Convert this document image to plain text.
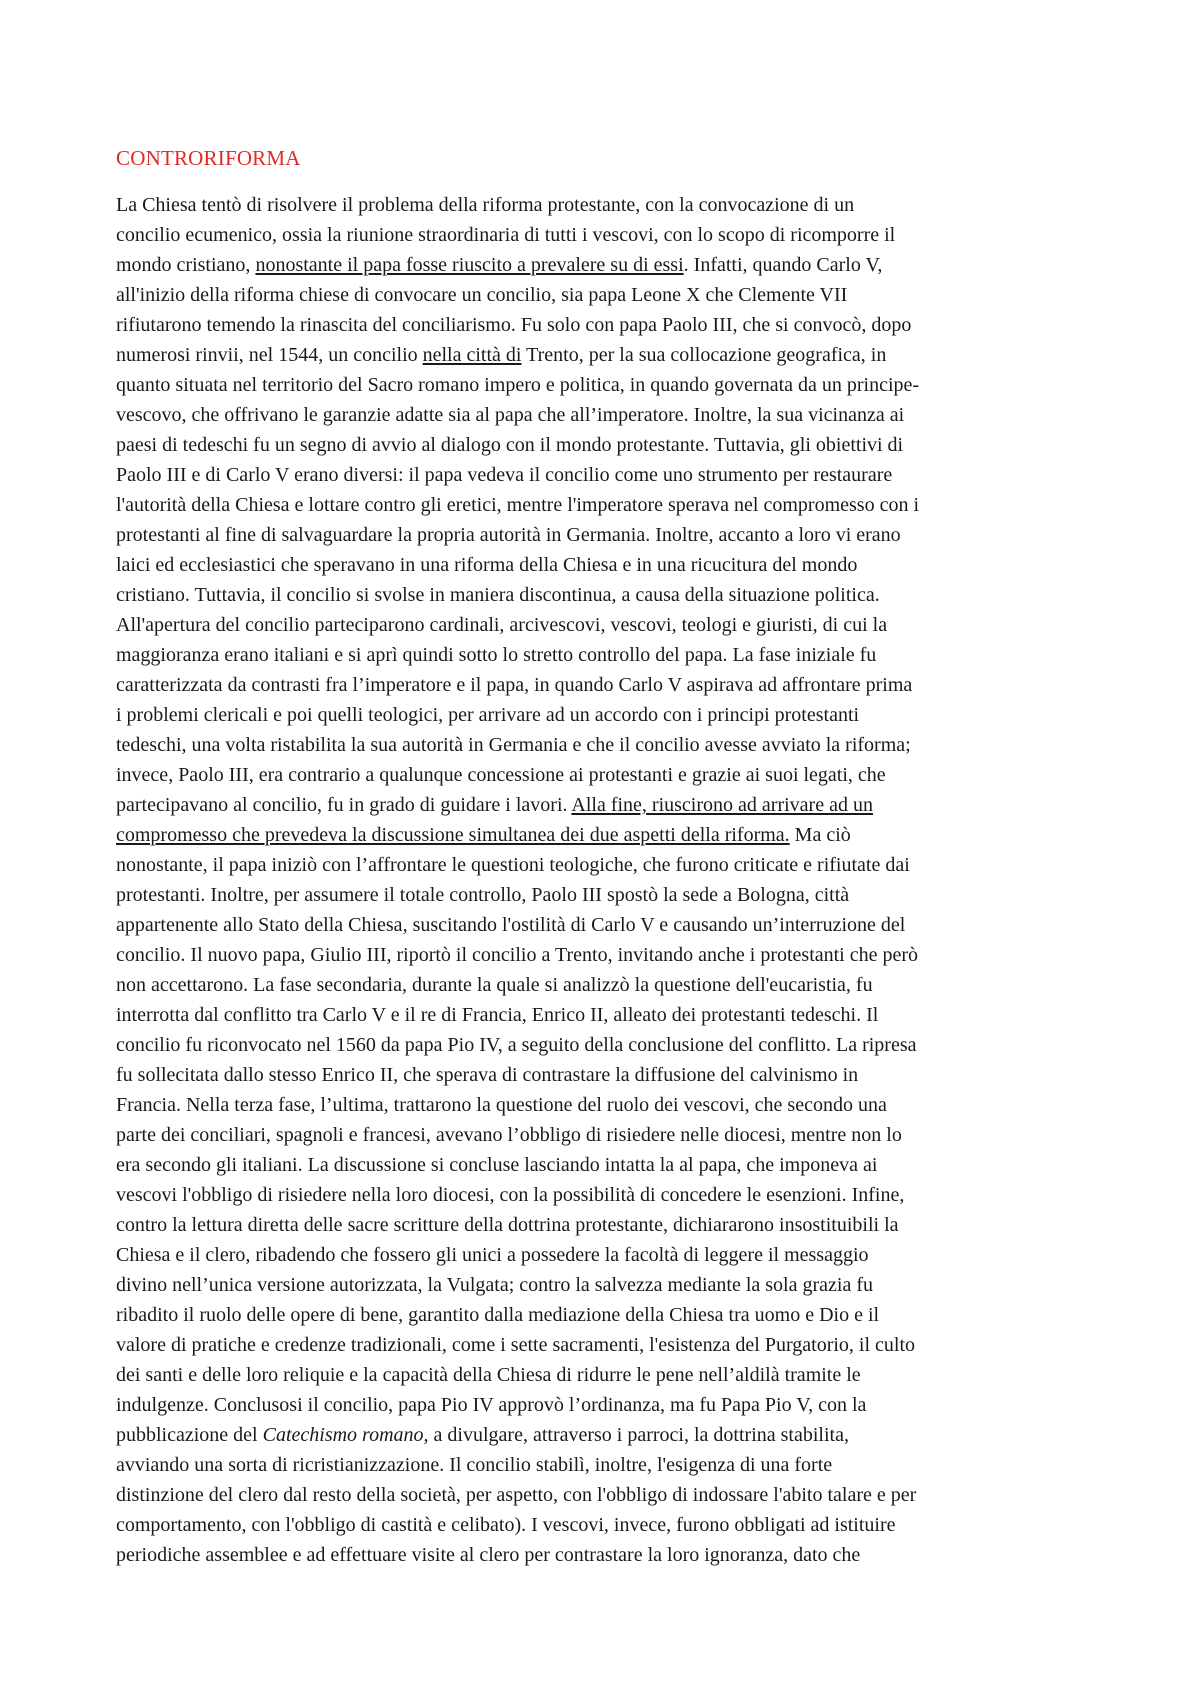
CONTRORIFORMA
La Chiesa tentò di risolvere il problema della riforma protestante, con la convocazione di un
concilio ecumenico, ossia la riunione straordinaria di tutti i vescovi, con lo scopo di ricomporre il
mondo cristiano, nonostante il papa fosse riuscito a prevalere su di essi. Infatti, quando Carlo V,
all'inizio della riforma chiese di convocare un concilio, sia papa Leone X che Clemente VII
rifiutarono temendo la rinascita del conciliarismo. Fu solo con papa Paolo III, che si convocò, dopo
numerosi rinvii, nel 1544, un concilio nella città di Trento, per la sua collocazione geografica, in
quanto situata nel territorio del Sacro romano impero e politica, in quando governata da un principe-
vescovo, che offrivano le garanzie adatte sia al papa che all’imperatore. Inoltre, la sua vicinanza ai
paesi di tedeschi fu un segno di avvio al dialogo con il mondo protestante. Tuttavia, gli obiettivi di
Paolo III e di Carlo V erano diversi: il papa vedeva il concilio come uno strumento per restaurare
l'autorità della Chiesa e lottare contro gli eretici, mentre l'imperatore sperava nel compromesso con i
protestanti al fine di salvaguardare la propria autorità in Germania. Inoltre, accanto a loro vi erano
laici ed ecclesiastici che speravano in una riforma della Chiesa e in una ricucitura del mondo
cristiano. Tuttavia, il concilio si svolse in maniera discontinua, a causa della situazione politica.
All'apertura del concilio parteciparono cardinali, arcivescovi, vescovi, teologi e giuristi, di cui la
maggioranza erano italiani e si aprì quindi sotto lo stretto controllo del papa. La fase iniziale fu
caratterizzata da contrasti fra l’imperatore e il papa, in quando Carlo V aspirava ad affrontare prima
i problemi clericali e poi quelli teologici, per arrivare ad un accordo con i principi protestanti
tedeschi, una volta ristabilita la sua autorità in Germania e che il concilio avesse avviato la riforma;
invece, Paolo III, era contrario a qualunque concessione ai protestanti e grazie ai suoi legati, che
partecipavano al concilio, fu in grado di guidare i lavori. Alla fine, riuscirono ad arrivare ad un
compromesso che prevedeva la discussione simultanea dei due aspetti della riforma. Ma ciò
nonostante, il papa iniziò con l’affrontare le questioni teologiche, che furono criticate e rifiutate dai
protestanti. Inoltre, per assumere il totale controllo, Paolo III spostò la sede a Bologna, città
appartenente allo Stato della Chiesa, suscitando l'ostilità di Carlo V e causando un’interruzione del
concilio. Il nuovo papa, Giulio III, riportò il concilio a Trento, invitando anche i protestanti che però
non accettarono. La fase secondaria, durante la quale si analizzò la questione dell'eucaristia, fu
interrotta dal conflitto tra Carlo V e il re di Francia, Enrico II, alleato dei protestanti tedeschi. Il
concilio fu riconvocato nel 1560 da papa Pio IV, a seguito della conclusione del conflitto. La ripresa
fu sollecitata dallo stesso Enrico II, che sperava di contrastare la diffusione del calvinismo in
Francia. Nella terza fase, l’ultima, trattarono la questione del ruolo dei vescovi, che secondo una
parte dei conciliari, spagnoli e francesi, avevano l’obbligo di risiedere nelle diocesi, mentre non lo
era secondo gli italiani. La discussione si concluse lasciando intatta la al papa, che imponeva ai
vescovi l'obbligo di risiedere nella loro diocesi, con la possibilità di concedere le esenzioni. Infine,
contro la lettura diretta delle sacre scritture della dottrina protestante, dichiararono insostituibili la
Chiesa e il clero, ribadendo che fossero gli unici a possedere la facoltà di leggere il messaggio
divino nell’unica versione autorizzata, la Vulgata; contro la salvezza mediante la sola grazia fu
ribadito il ruolo delle opere di bene, garantito dalla mediazione della Chiesa tra uomo e Dio e il
valore di pratiche e credenze tradizionali, come i sette sacramenti, l'esistenza del Purgatorio, il culto
dei santi e delle loro reliquie e la capacità della Chiesa di ridurre le pene nell’aldilà tramite le
indulgenze. Conclusosi il concilio, papa Pio IV approvò l’ordinanza, ma fu Papa Pio V, con la
pubblicazione del Catechismo romano, a divulgare, attraverso i parroci, la dottrina stabilita,
avviando una sorta di ricristianizzazione. Il concilio stabilì, inoltre, l'esigenza di una forte
distinzione del clero dal resto della società, per aspetto, con l'obbligo di indossare l'abito talare e per
comportamento, con l'obbligo di castità e celibato). I vescovi, invece, furono obbligati ad istituire
periodiche assemblee e ad effettuare visite al clero per contrastare la loro ignoranza, dato che
